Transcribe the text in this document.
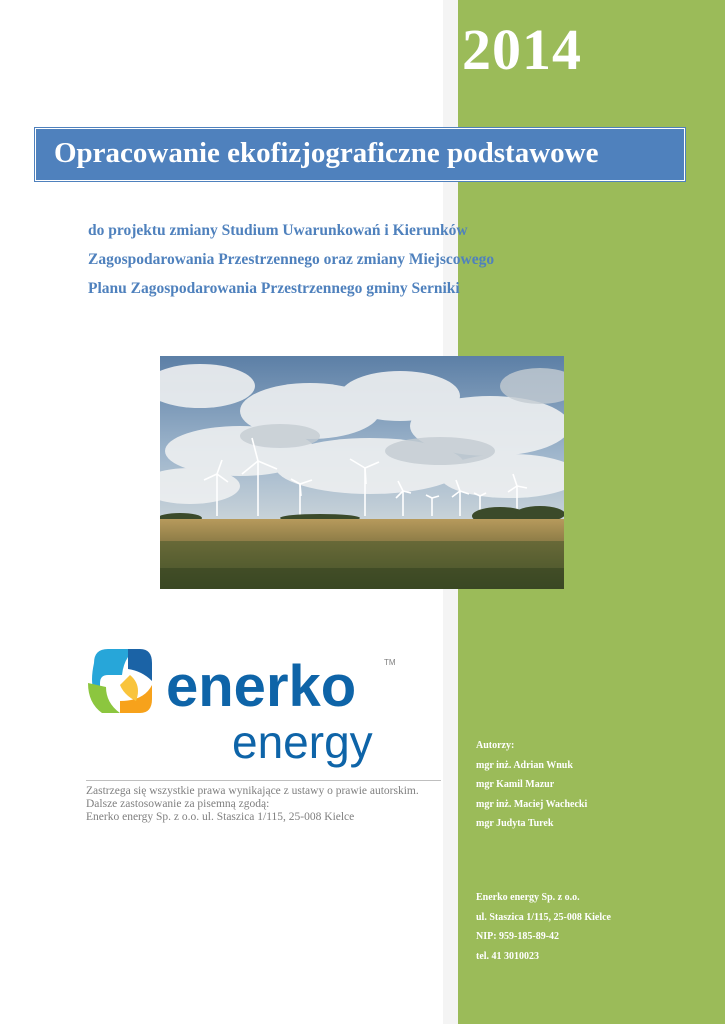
2014
Opracowanie ekofizjograficzne podstawowe
do projektu zmiany Studium Uwarunkowań i Kierunków
Zagospodarowania Przestrzennego oraz zmiany Miejscowego
Planu Zagospodarowania Przestrzennego gminy Serniki
enerko	TM
energy
Zastrzega się wszystkie prawa wynikające z ustawy o prawie autorskim.
Dalsze zastosowanie za pisemną zgodą:
Enerko energy Sp. z o.o. ul. Staszica 1/115, 25-008 Kielce
Autorzy:
mgr inż. Adrian Wnuk
mgr Kamil Mazur
mgr inż. Maciej Wachecki
mgr Judyta Turek
Enerko energy Sp. z o.o.
ul. Staszica 1/115, 25-008 Kielce
NIP: 959-185-89-42
tel. 41 3010023
